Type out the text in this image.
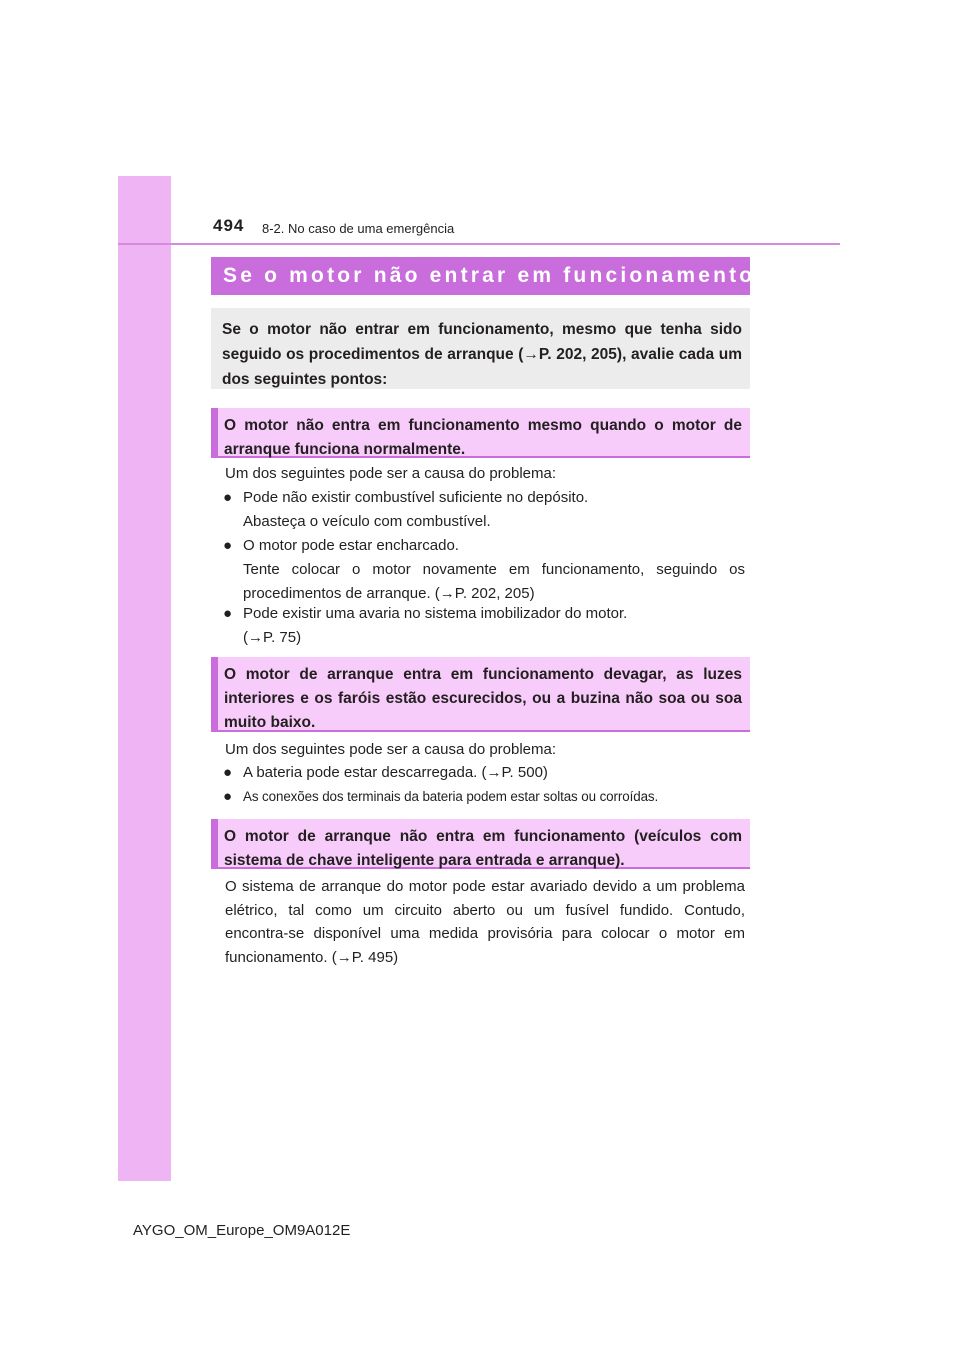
494 8-2. No caso de uma emergência
Se o motor não entrar em funcionamento
Se o motor não entrar em funcionamento, mesmo que tenha sido seguido os procedimentos de arranque (→P. 202, 205), avalie cada um dos seguintes pontos:
O motor não entra em funcionamento mesmo quando o motor de arranque funciona normalmente.
Um dos seguintes pode ser a causa do problema:
● Pode não existir combustível suficiente no depósito.
Abasteça o veículo com combustível.
● O motor pode estar encharcado.
Tente colocar o motor novamente em funcionamento, seguindo os procedimentos de arranque. (→P. 202, 205)
● Pode existir uma avaria no sistema imobilizador do motor.
(→P. 75)
O motor de arranque entra em funcionamento devagar, as luzes interiores e os faróis estão escurecidos, ou a buzina não soa ou soa muito baixo.
Um dos seguintes pode ser a causa do problema:
● A bateria pode estar descarregada. (→P. 500)
● As conexões dos terminais da bateria podem estar soltas ou corroídas.
O motor de arranque não entra em funcionamento (veículos com sistema de chave inteligente para entrada e arranque).
O sistema de arranque do motor pode estar avariado devido a um problema elétrico, tal como um circuito aberto ou um fusível fundido. Contudo, encontra-se disponível uma medida provisória para colocar o motor em funcionamento. (→P. 495)
AYGO_OM_Europe_OM9A012E
